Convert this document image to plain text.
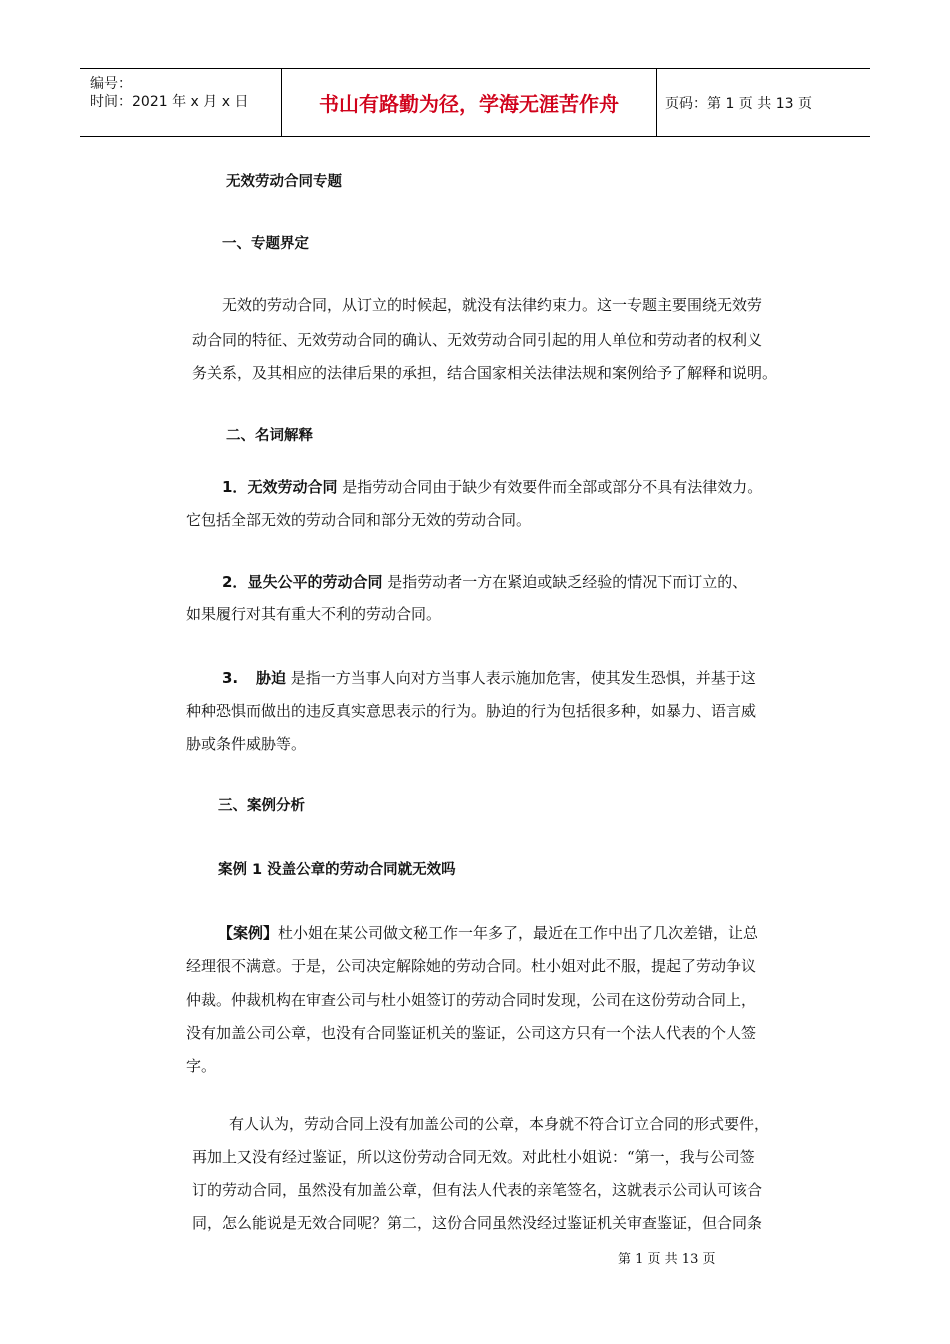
编号：
时间：2021 年 x 月 x 日	书山有路勤为径，学海无涯苦作舟	页码：第 1 页 共 13 页
无效劳动合同专题
一、专题界定
无效的劳动合同，从订立的时候起，就没有法律约束力。这一专题主要围绕无效劳
动合同的特征、无效劳动合同的确认、无效劳动合同引起的用人单位和劳动者的权利义
务关系，及其相应的法律后果的承担，结合国家相关法律法规和案例给予了解释和说明。
二、名词解释
1．无效劳动合同 是指劳动合同由于缺少有效要件而全部或部分不具有法律效力。
它包括全部无效的劳动合同和部分无效的劳动合同。
2．显失公平的劳动合同 是指劳动者一方在紧迫或缺乏经验的情况下而订立的、
如果履行对其有重大不利的劳动合同。
3. 胁迫 是指一方当事人向对方当事人表示施加危害，使其发生恐惧，并基于这
种种恐惧而做出的违反真实意思表示的行为。胁迫的行为包括很多种，如暴力、语言威
胁或条件威胁等。
三、案例分析
案例 1 没盖公章的劳动合同就无效吗
【案例】杜小姐在某公司做文秘工作一年多了，最近在工作中出了几次差错，让总
经理很不满意。于是，公司决定解除她的劳动合同。杜小姐对此不服，提起了劳动争议
仲裁。仲裁机构在审查公司与杜小姐签订的劳动合同时发现，公司在这份劳动合同上，
没有加盖公司公章，也没有合同鉴证机关的鉴证，公司这方只有一个法人代表的个人签
字。
有人认为，劳动合同上没有加盖公司的公章，本身就不符合订立合同的形式要件，
再加上又没有经过鉴证，所以这份劳动合同无效。对此杜小姐说：“第一，我与公司签
订的劳动合同，虽然没有加盖公章，但有法人代表的亲笔签名，这就表示公司认可该合
同，怎么能说是无效合同呢？第二，这份合同虽然没经过鉴证机关审查鉴证，但合同条
第 1 页 共 13 页
